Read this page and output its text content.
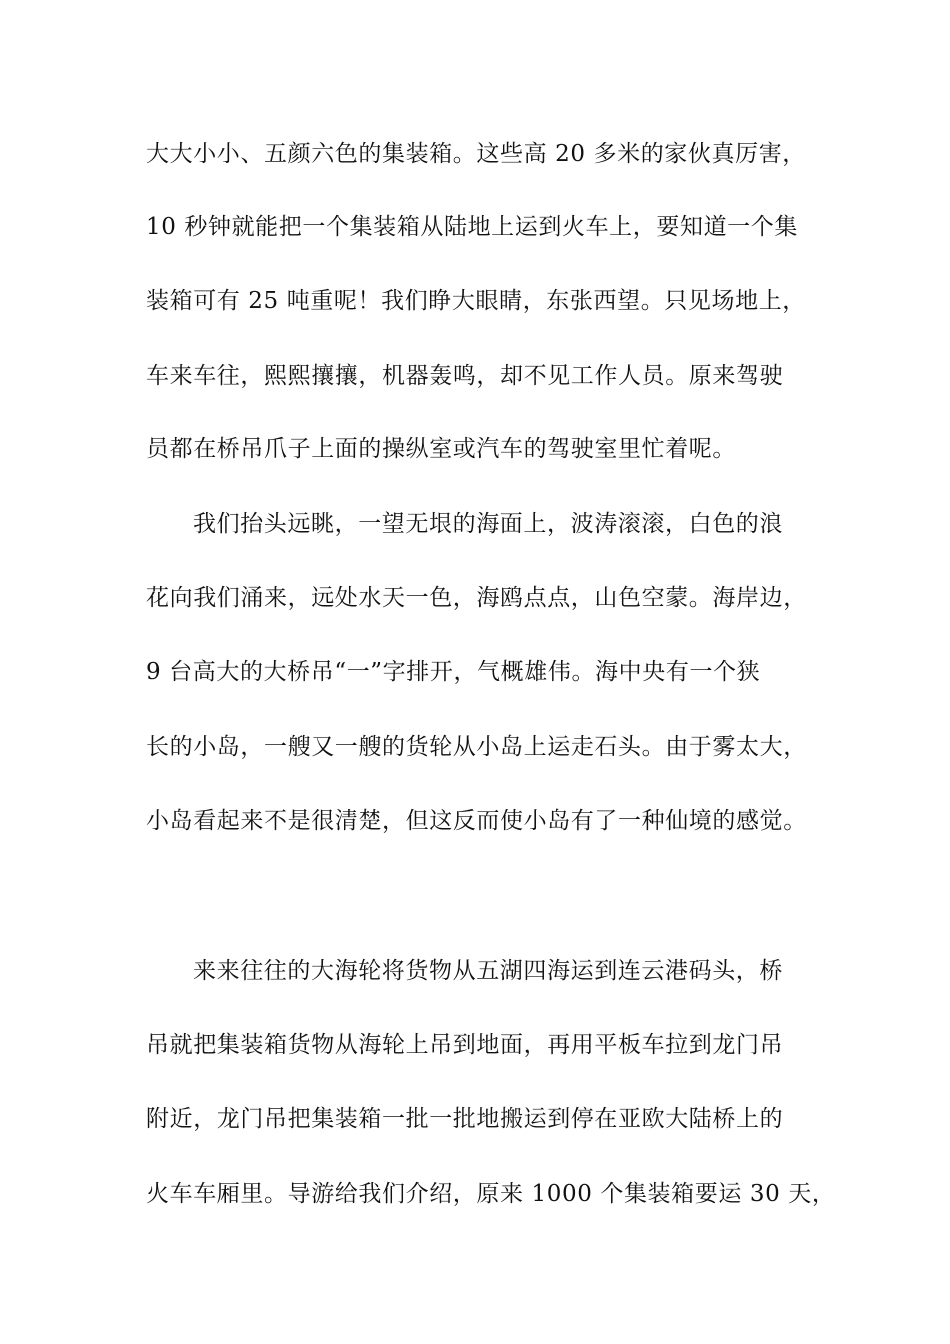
大大小小、五颜六色的集装箱。这些高 20 多米的家伙真厉害，
10 秒钟就能把一个集装箱从陆地上运到火车上，要知道一个集
装箱可有 25 吨重呢！我们睁大眼睛，东张西望。只见场地上，
车来车往，熙熙攘攘，机器轰鸣，却不见工作人员。原来驾驶
员都在桥吊爪子上面的操纵室或汽车的驾驶室里忙着呢。
我们抬头远眺，一望无垠的海面上，波涛滚滚，白色的浪
花向我们涌来，远处水天一色，海鸥点点，山色空蒙。海岸边，
9 台高大的大桥吊“一”字排开，气概雄伟。海中央有一个狭
长的小岛，一艘又一艘的货轮从小岛上运走石头。由于雾太大，
小岛看起来不是很清楚，但这反而使小岛有了一种仙境的感觉。
来来往往的大海轮将货物从五湖四海运到连云港码头，桥
吊就把集装箱货物从海轮上吊到地面，再用平板车拉到龙门吊
附近，龙门吊把集装箱一批一批地搬运到停在亚欧大陆桥上的
火车车厢里。导游给我们介绍，原来 1000 个集装箱要运 30 天，
